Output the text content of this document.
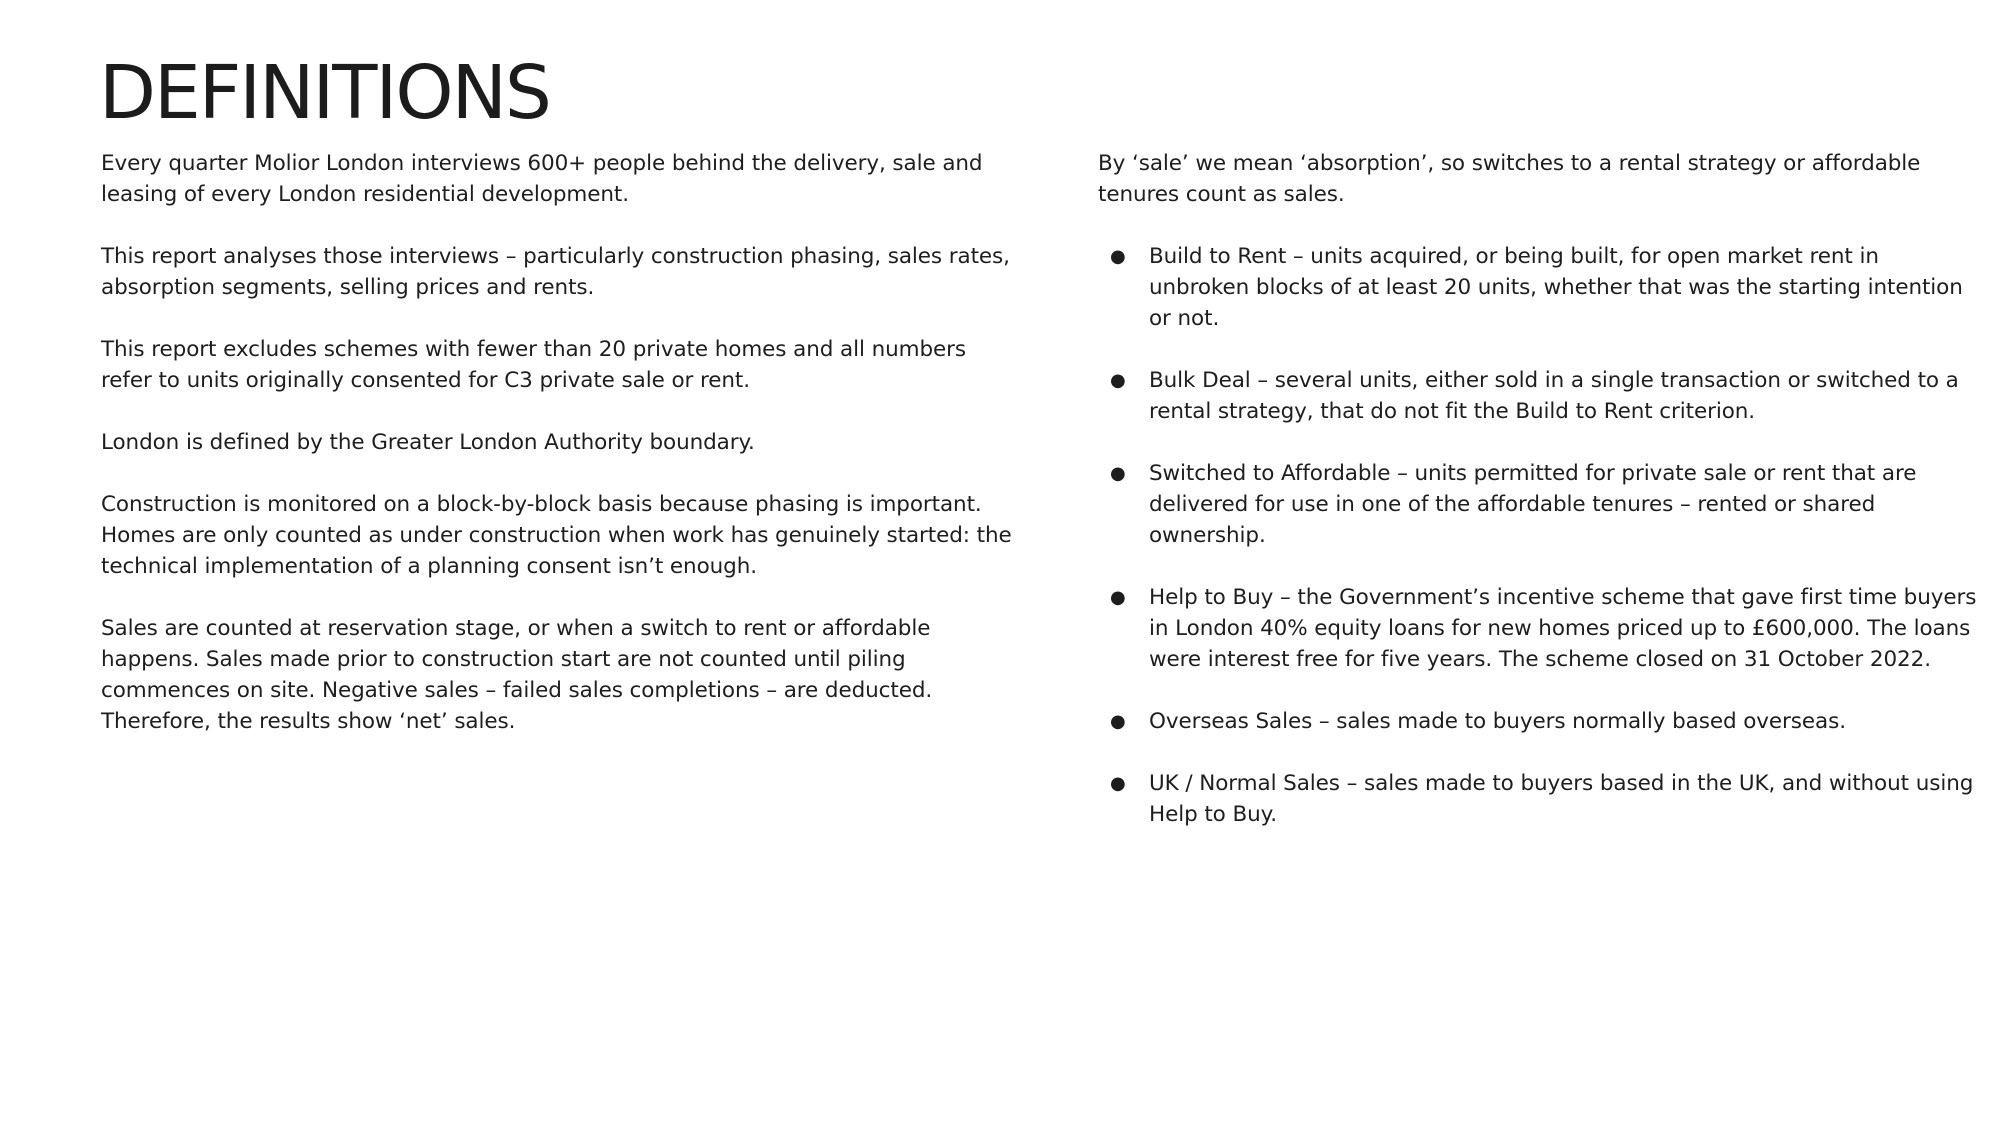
DEFINITIONS

Every quarter Molior London interviews 600+ people behind the delivery, sale and leasing of every London residential development.

This report analyses those interviews – particularly construction phasing, sales rates, absorption segments, selling prices and rents.

This report excludes schemes with fewer than 20 private homes and all numbers refer to units originally consented for C3 private sale or rent.

London is defined by the Greater London Authority boundary.

Construction is monitored on a block-by-block basis because phasing is important. Homes are only counted as under construction when work has genuinely started: the technical implementation of a planning consent isn’t enough.

Sales are counted at reservation stage, or when a switch to rent or affordable happens. Sales made prior to construction start are not counted until piling commences on site. Negative sales – failed sales completions – are deducted. Therefore, the results show ‘net’ sales.

By ‘sale’ we mean ‘absorption’, so switches to a rental strategy or affordable tenures count as sales.

● Build to Rent – units acquired, or being built, for open market rent in unbroken blocks of at least 20 units, whether that was the starting intention or not.
● Bulk Deal – several units, either sold in a single transaction or switched to a rental strategy, that do not fit the Build to Rent criterion.
● Switched to Affordable – units permitted for private sale or rent that are delivered for use in one of the affordable tenures – rented or shared ownership.
● Help to Buy – the Government’s incentive scheme that gave first time buyers in London 40% equity loans for new homes priced up to £600,000. The loans were interest free for five years. The scheme closed on 31 October 2022.
● Overseas Sales – sales made to buyers normally based overseas.
● UK / Normal Sales – sales made to buyers based in the UK, and without using Help to Buy.
